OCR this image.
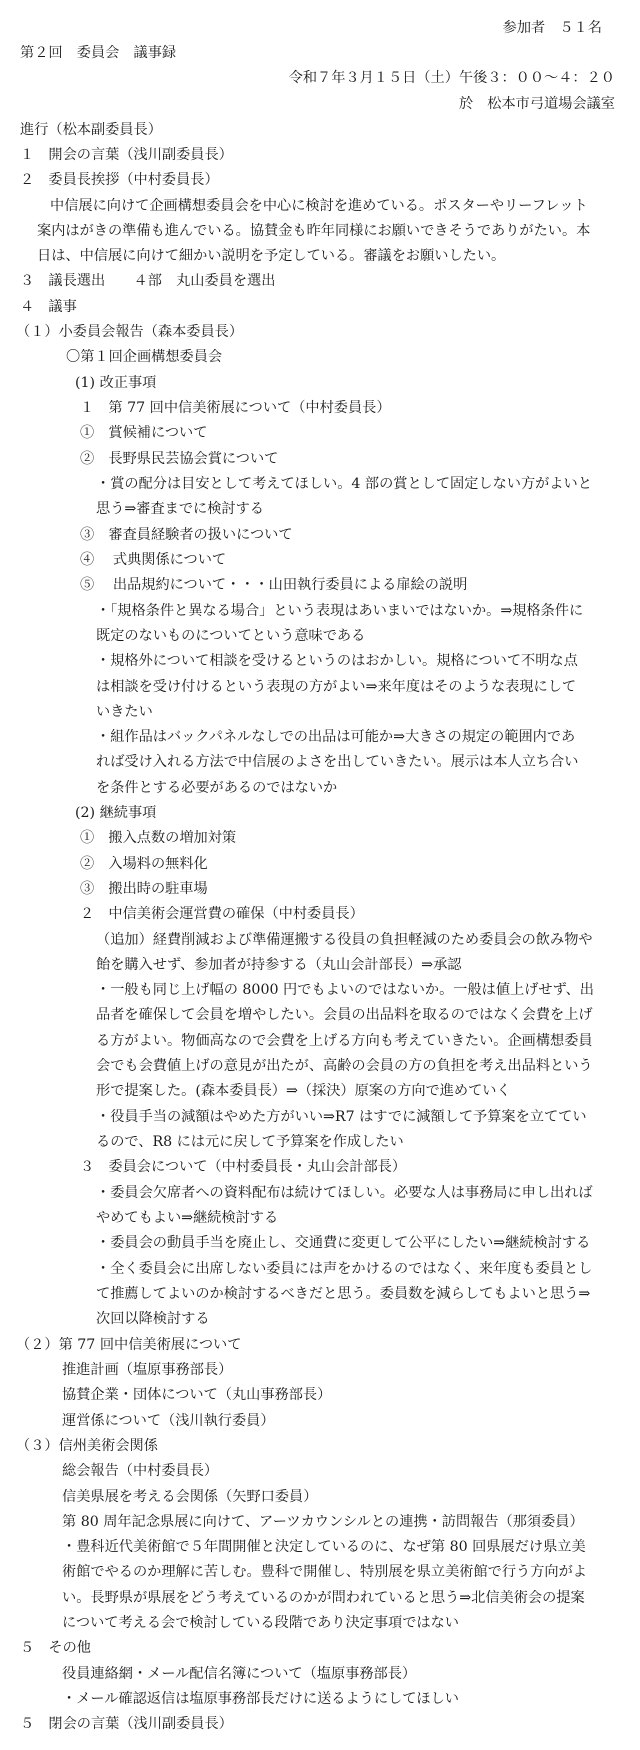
参加者　５１名
第２回　委員会　議事録
令和７年３月１５日（土）午後３：００～４：２０
於　松本市弓道場会議室
進行（松本副委員長）
１　開会の言葉（浅川副委員長）
２　委員長挨拶（中村委員長）
中信展に向けて企画構想委員会を中心に検討を進めている。ポスターやリーフレット
案内はがきの準備も進んでいる。協賛金も昨年同様にお願いできそうでありがたい。本
日は、中信展に向けて細かい説明を予定している。審議をお願いしたい。
３　議長選出　　４部　丸山委員を選出
４　議事
（１）小委員会報告（森本委員長）
〇第１回企画構想委員会
(1) 改正事項
１　第 77 回中信美術展について（中村委員長）
①　賞候補について
②　長野県民芸協会賞について
・賞の配分は目安として考えてほしい。4 部の賞として固定しない方がよいと
思う⇒審査までに検討する
③　審査員経験者の扱いについて
④　 式典関係について
⑤　 出品規約について・・・山田執行委員による扉絵の説明
・「規格条件と異なる場合」という表現はあいまいではないか。⇒規格条件に
既定のないものについてという意味である
・規格外について相談を受けるというのはおかしい。規格について不明な点
は相談を受け付けるという表現の方がよい⇒来年度はそのような表現にして
いきたい
・組作品はバックパネルなしでの出品は可能か⇒大きさの規定の範囲内であ
れば受け入れる方法で中信展のよさを出していきたい。展示は本人立ち合い
を条件とする必要があるのではないか
(2) 継続事項
①　搬入点数の増加対策
②　入場料の無料化
③　搬出時の駐車場
２　中信美術会運営費の確保（中村委員長）
（追加）経費削減および準備運搬する役員の負担軽減のため委員会の飲み物や
飴を購入せず、参加者が持参する（丸山会計部長）⇒承認
・一般も同じ上げ幅の 8000 円でもよいのではないか。一般は値上げせず、出
品者を確保して会員を増やしたい。会員の出品料を取るのではなく会費を上げ
る方がよい。物価高なので会費を上げる方向も考えていきたい。企画構想委員
会でも会費値上げの意見が出たが、高齢の会員の方の負担を考え出品料という
形で提案した。(森本委員長）⇒（採決）原案の方向で進めていく
・役員手当の減額はやめた方がいい⇒R7 はすでに減額して予算案を立ててい
るので、R8 には元に戻して予算案を作成したい
３　委員会について（中村委員長・丸山会計部長）
・委員会欠席者への資料配布は続けてほしい。必要な人は事務局に申し出れば
やめてもよい⇒継続検討する
・委員会の動員手当を廃止し、交通費に変更して公平にしたい⇒継続検討する
・全く委員会に出席しない委員には声をかけるのではなく、来年度も委員とし
て推薦してよいのか検討するべきだと思う。委員数を減らしてもよいと思う⇒
次回以降検討する
（２）第 77 回中信美術展について
推進計画（塩原事務部長）
協賛企業・団体について（丸山事務部長）
運営係について（浅川執行委員）
（３）信州美術会関係
総会報告（中村委員長）
信美県展を考える会関係（矢野口委員）
第 80 周年記念県展に向けて、アーツカウンシルとの連携・訪問報告（那須委員）
・豊科近代美術館で５年間開催と決定しているのに、なぜ第 80 回県展だけ県立美
術館でやるのか理解に苦しむ。豊科で開催し、特別展を県立美術館で行う方向がよ
い。長野県が県展をどう考えているのかが問われていると思う⇒北信美術会の提案
について考える会で検討している段階であり決定事項ではない
５　その他
役員連絡網・メール配信名簿について（塩原事務部長）
・メール確認返信は塩原事務部長だけに送るようにしてほしい
５　閉会の言葉（浅川副委員長）
